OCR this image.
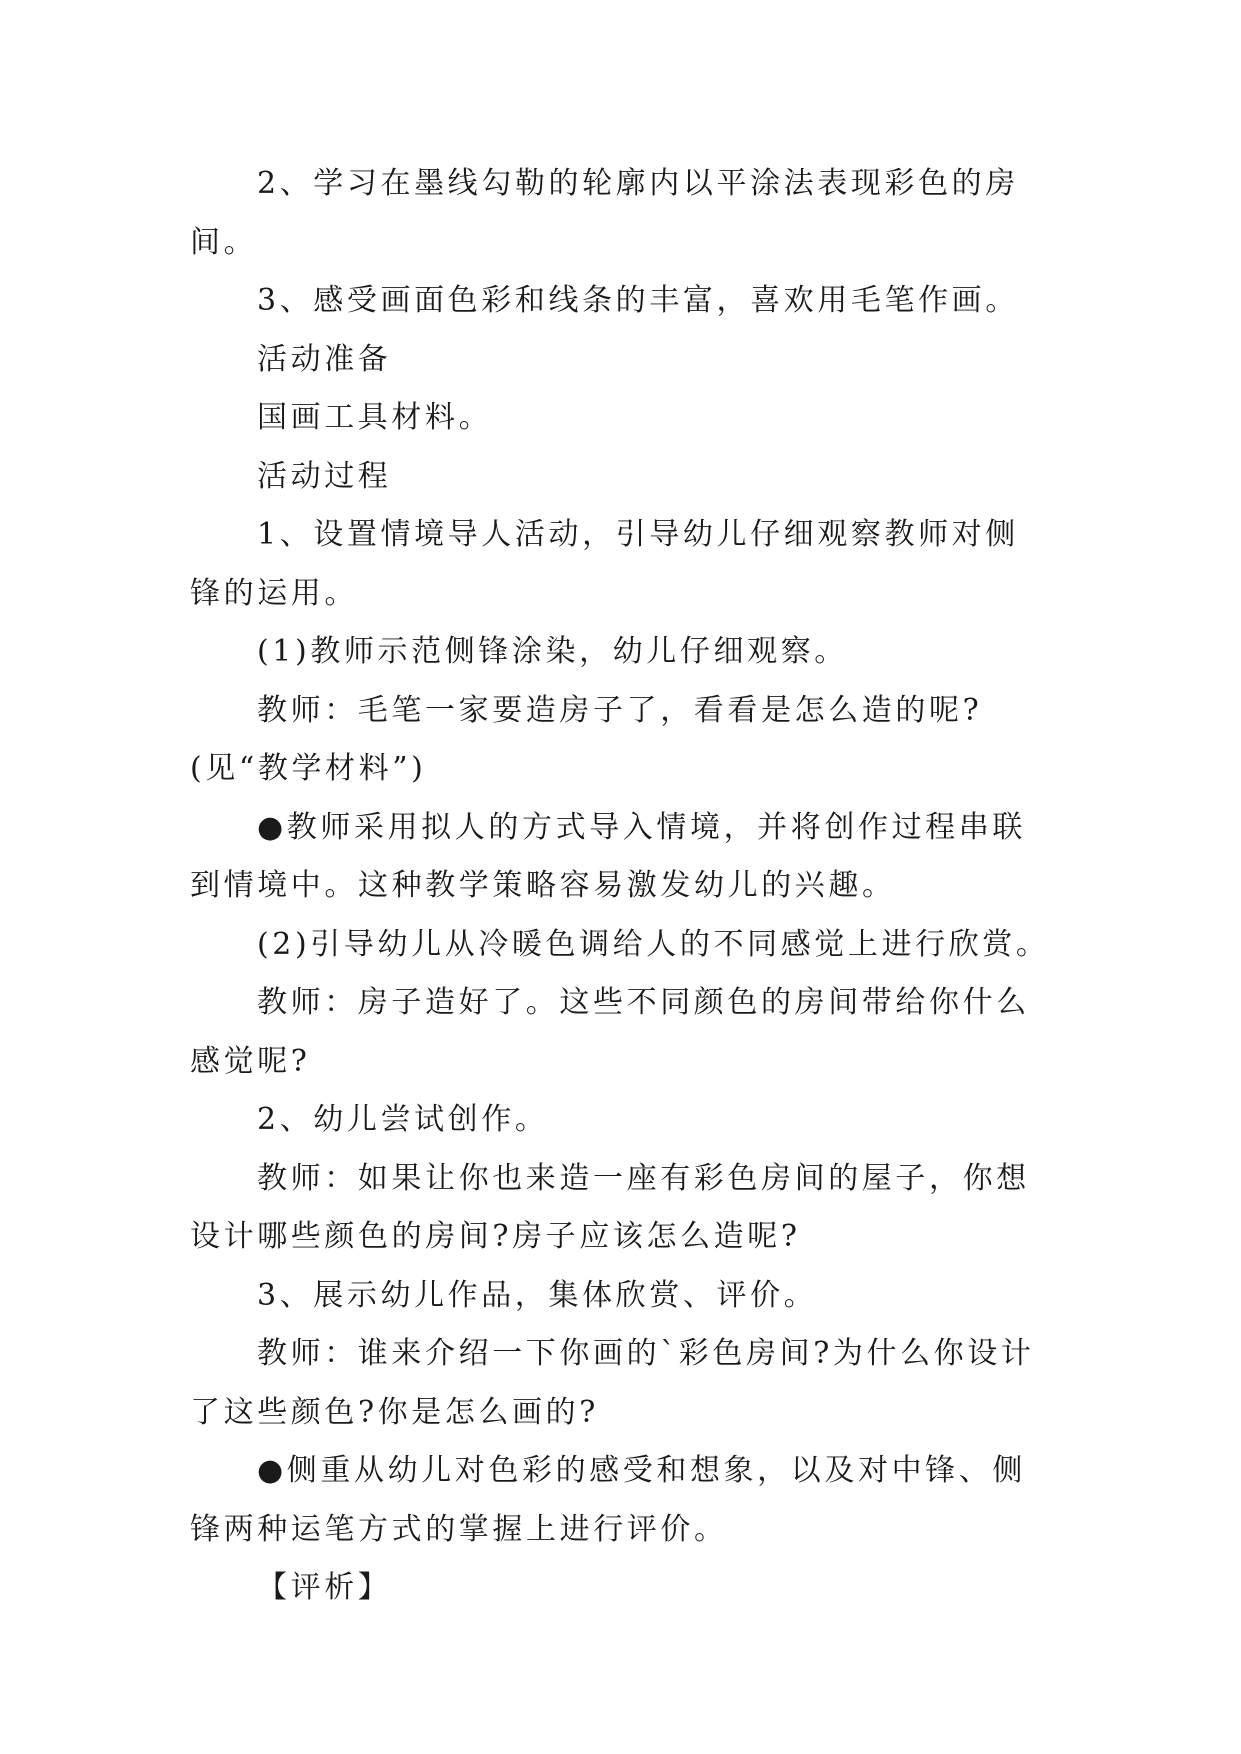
2、学习在墨线勾勒的轮廓内以平涂法表现彩色的房间。

3、感受画面色彩和线条的丰富，喜欢用毛笔作画。

活动准备

国画工具材料。

活动过程

1、设置情境导人活动，引导幼儿仔细观察教师对侧锋的运用。

(1)教师示范侧锋涂染，幼儿仔细观察。

教师：毛笔一家要造房子了，看看是怎么造的呢?(见“教学材料”)

●教师采用拟人的方式导入情境，并将创作过程串联到情境中。这种教学策略容易激发幼儿的兴趣。

(2)引导幼儿从冷暖色调给人的不同感觉上进行欣赏。

教师：房子造好了。这些不同颜色的房间带给你什么感觉呢?

2、幼儿尝试创作。

教师：如果让你也来造一座有彩色房间的屋子，你想设计哪些颜色的房间?房子应该怎么造呢?

3、展示幼儿作品，集体欣赏、评价。

教师：谁来介绍一下你画的`彩色房间?为什么你设计了这些颜色?你是怎么画的?

●侧重从幼儿对色彩的感受和想象，以及对中锋、侧锋两种运笔方式的掌握上进行评价。

【评析】
